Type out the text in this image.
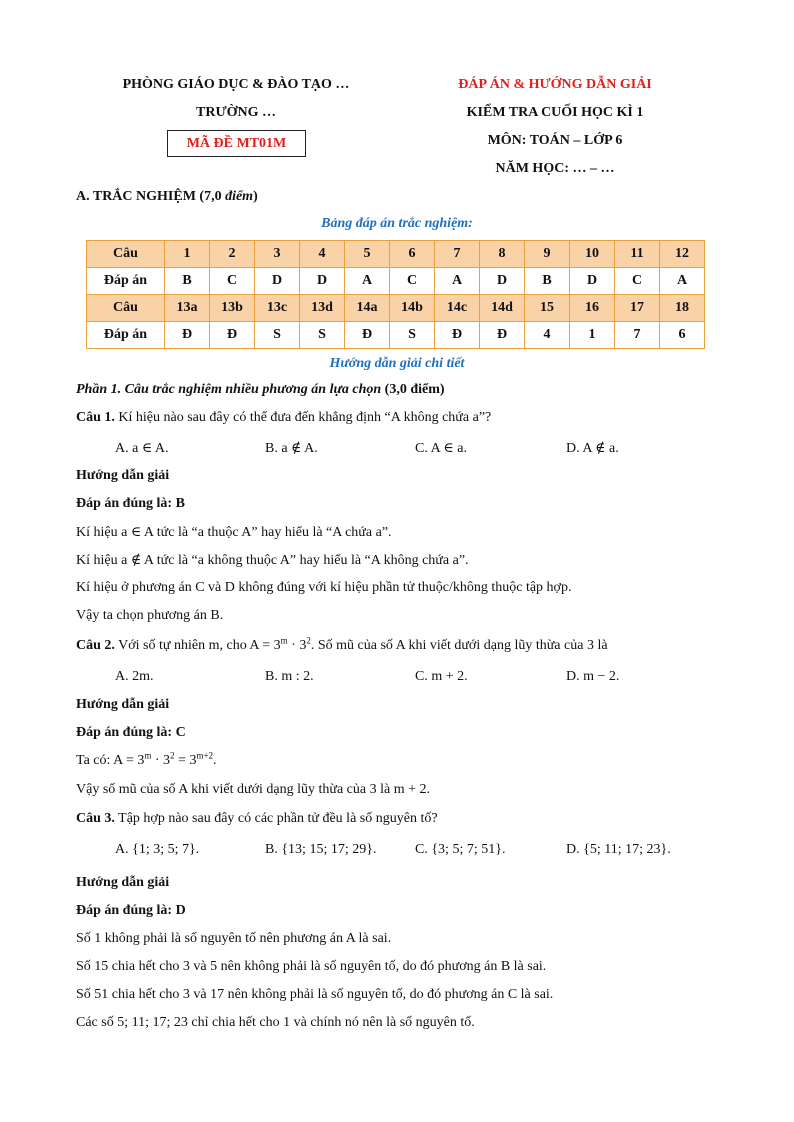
PHÒNG GIÁO DỤC & ĐÀO TẠO …
TRƯỜNG …
MÃ ĐỀ MT01M
ĐÁP ÁN & HƯỚNG DẪN GIẢI
KIỂM TRA CUỐI HỌC KÌ 1
MÔN: TOÁN – LỚP 6
NĂM HỌC: … – …
A. TRẮC NGHIỆM (7,0 điểm)
Bảng đáp án trắc nghiệm:
Câu	1	2	3	4	5	6	7	8	9	10	11	12
Đáp án	B	C	D	D	A	C	A	D	B	D	C	A
Câu	13a	13b	13c	13d	14a	14b	14c	14d	15	16	17	18
Đáp án	Đ	Đ	S	S	Đ	S	Đ	Đ	4	1	7	6
Hướng dẫn giải chi tiết
Phần 1. Câu trắc nghiệm nhiều phương án lựa chọn (3,0 điểm)
Câu 1. Kí hiệu nào sau đây có thể đưa đến khẳng định “A không chứa a”?
A. a ∈ A.	B. a ∉ A.	C. A ∈ a.	D. A ∉ a.
Hướng dẫn giải
Đáp án đúng là: B
Kí hiệu a ∈ A tức là “a thuộc A” hay hiểu là “A chứa a”.
Kí hiệu a ∉ A tức là “a không thuộc A” hay hiểu là “A không chứa a”.
Kí hiệu ở phương án C và D không đúng với kí hiệu phần tử thuộc/không thuộc tập hợp.
Vậy ta chọn phương án B.
Câu 2. Với số tự nhiên m, cho $A = 3^m \cdot 3^2$. Số mũ của số A khi viết dưới dạng lũy thừa của 3 là
A. 2m.	B. m : 2.	C. m + 2.	D. m − 2.
Hướng dẫn giải
Đáp án đúng là: C
Ta có: $A = 3^m \cdot 3^2 = 3^{m+2}$.
Vậy số mũ của số A khi viết dưới dạng lũy thừa của 3 là m + 2.
Câu 3. Tập hợp nào sau đây có các phần tử đều là số nguyên tố?
A. {1; 3; 5; 7}.	B. {13; 15; 17; 29}.	C. {3; 5; 7; 51}.	D. {5; 11; 17; 23}.
Hướng dẫn giải
Đáp án đúng là: D
Số 1 không phải là số nguyên tố nên phương án A là sai.
Số 15 chia hết cho 3 và 5 nên không phải là số nguyên tố, do đó phương án B là sai.
Số 51 chia hết cho 3 và 17 nên không phải là số nguyên tố, do đó phương án C là sai.
Các số 5; 11; 17; 23 chỉ chia hết cho 1 và chính nó nên là số nguyên tố.
